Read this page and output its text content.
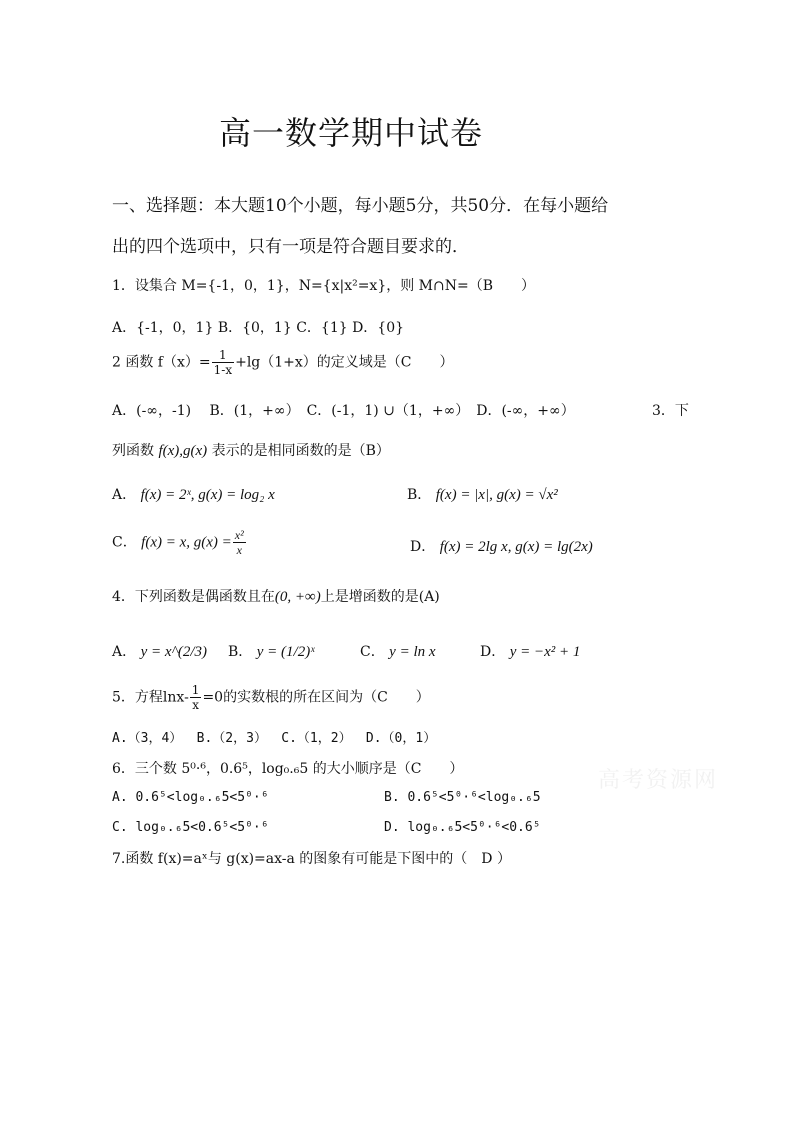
高一数学期中试卷
一、选择题：本大题10个小题，每小题5分，共50分．在每小题给
出的四个选项中，只有一项是符合题目要求的．
1．设集合 M={-1，0，1}，N={x|x²=x}，则 M∩N=（B　　）
A．{-1，0，1} B．{0，1} C．{1} D．{0}
2 函数 $f(x)= \frac{1}{1-x} +\lg(1+x)$的定义域是（C　　）
A．(-∞，-1)　 B．(1，+∞）　C．(-1，1) ∪（1，+∞）　D．(-∞，+∞）	3．下
列函数 f(x),g(x) 表示的是相同函数的是（B）
A． f(x) = 2ˣ, g(x) = log₂ x	B． f(x) = |x|, g(x) = √x²
C． f(x) = x, $g(x) = \frac{\text{x²}}{x}$	D． f(x) = 2lg x, g(x) = lg(2x)
4．下列函数是偶函数且在(0, +∞)上是增函数的是(A)
A． y = x^(2/3) B． y = (1/2)ˣ	C． y = ln x	D． y = −x² + 1
5．方程$\ln x- \frac{1}{x} =0$的实数根的所在区间为（C　　）
A.（3，4）　 B.（2，3）　 C.（1，2）　 D.（0，1）
6．三个数 5⁰·⁶，0.6⁵，log₀.₆5 的大小顺序是（C　　）
A. 0.6⁵<log₀.₆5<5⁰·⁶	B. 0.6⁵<5⁰·⁶<log₀.₆5
C. log₀.₆5<0.6⁵<5⁰·⁶	D. log₀.₆5<5⁰·⁶<0.6⁵
7.函数 f(x)=aˣ与 g(x)=ax-a 的图象有可能是下图中的（　D ）
高考资源网
